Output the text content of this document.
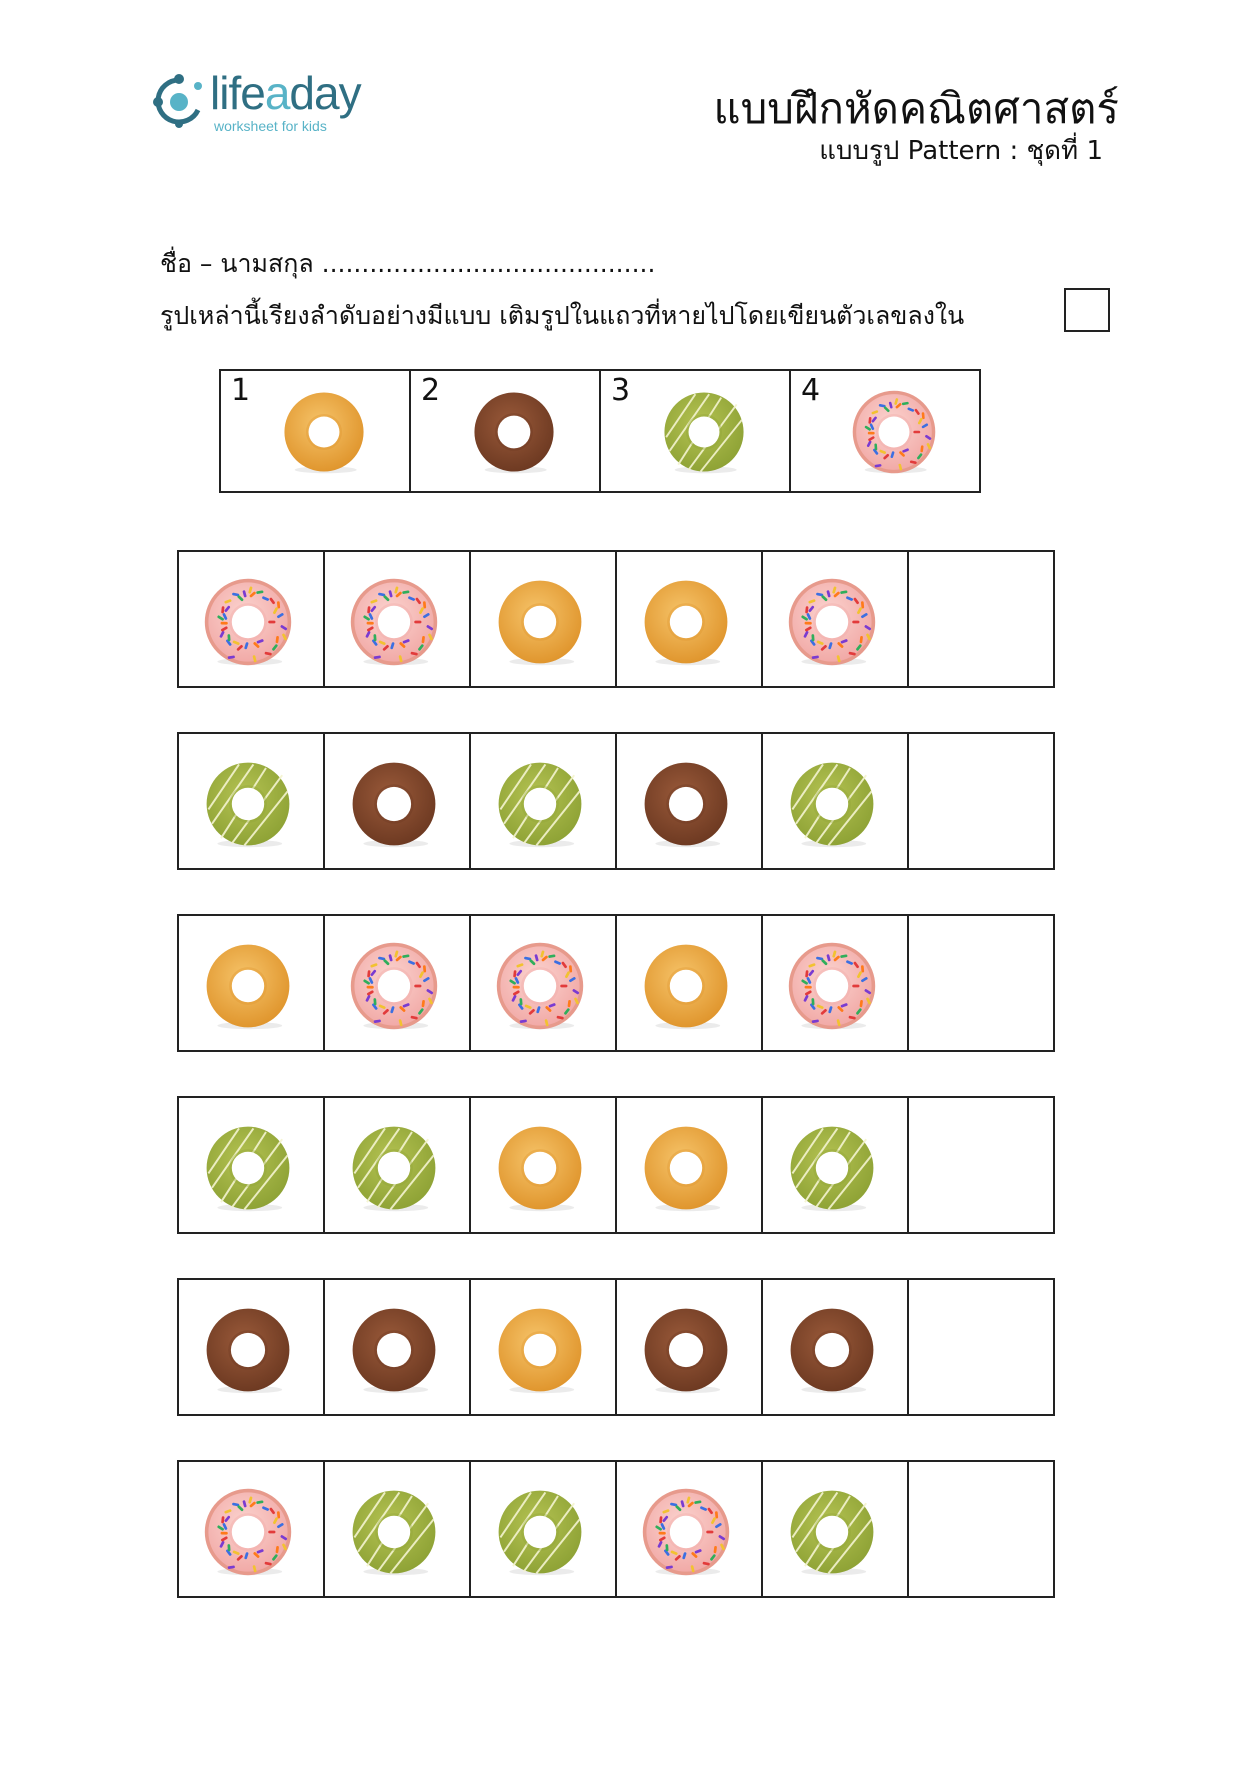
lifeaday
worksheet for kids	แบบฝึกหัดคณิตศาสตร์
แบบรูป Pattern : ชุดที่ 1
ชื่อ – นามสกุล ..........................................
รูปเหล่านี้เรียงลำดับอย่างมีแบบ เติมรูปในแถวที่หายไปโดยเขียนตัวเลขลงใน
1	2	3	4
